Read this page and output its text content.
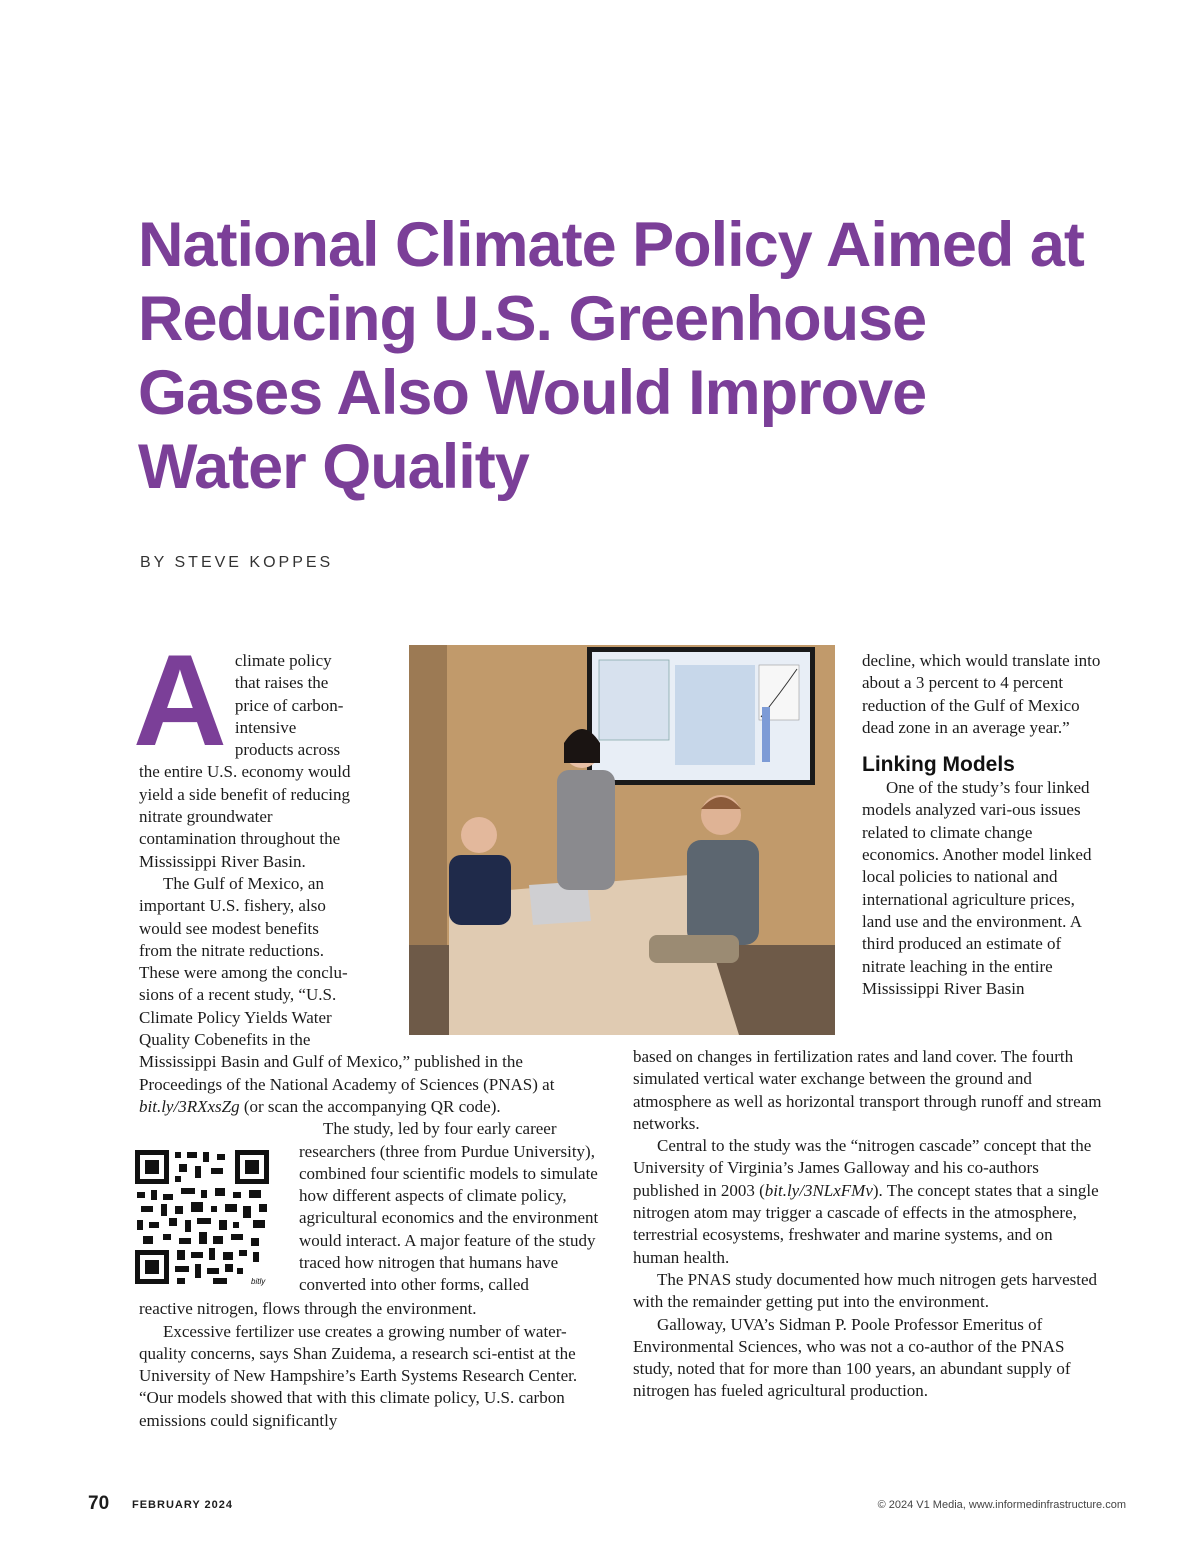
National Climate Policy Aimed at Reducing U.S. Greenhouse Gases Also Would Improve Water Quality
BY STEVE KOPPES
bitly

Aclimate policy that raises the price of carbon-intensive products across the entire U.S. economy would yield a side benefit of reducing nitrate groundwater contamination throughout the Mississippi River Basin.

The Gulf of Mexico, an important U.S. fishery, also would see modest benefits from the nitrate reductions. These were among the conclu-sions of a recent study, “U.S. Climate Policy Yields Water Quality Cobenefits in the Mississippi Basin and Gulf of Mexico,” published in the

Proceedings of the National Academy of Sciences (PNAS) at bit.ly/3RXxsZg (or scan the accompanying QR code).

The study, led by four early career researchers (three from Purdue University), combined four scientific models to simulate how different aspects of climate policy, agricultural economics and the environment would interact. A major feature of the study traced how nitrogen that humans have converted into other forms, called

reactive nitrogen, flows through the environment.

Excessive fertilizer use creates a growing number of water-quality concerns, says Shan Zuidema, a research sci-entist at the University of New Hampshire’s Earth Systems Research Center. “Our models showed that with this climate policy, U.S. carbon emissions could significantly

decline, which would translate into about a 3 percent to 4 percent reduction of the Gulf of Mexico dead zone in an average year.”

Linking Models

One of the study’s four linked models analyzed vari-ous issues related to climate change economics. Another model linked local policies to national and international agriculture prices, land use and the environment. A third produced an estimate of nitrate leaching in the entire Mississippi River Basin

based on changes in fertilization rates and land cover. The fourth simulated vertical water exchange between the ground and atmosphere as well as horizontal transport through runoff and stream networks.

Central to the study was the “nitrogen cascade” concept that the University of Virginia’s James Galloway and his co-authors published in 2003 (bit.ly/3NLxFMv). The concept states that a single nitrogen atom may trigger a cascade of effects in the atmosphere, terrestrial ecosystems, freshwater and marine systems, and on human health.

The PNAS study documented how much nitrogen gets harvested with the remainder getting put into the environment.

Galloway, UVA’s Sidman P. Poole Professor Emeritus of Environmental Sciences, who was not a co-author of the PNAS study, noted that for more than 100 years, an abundant supply of nitrogen has fueled agricultural production.

70 FEBRUARY 2024	© 2024 V1 Media, www.informedinfrastructure.com
